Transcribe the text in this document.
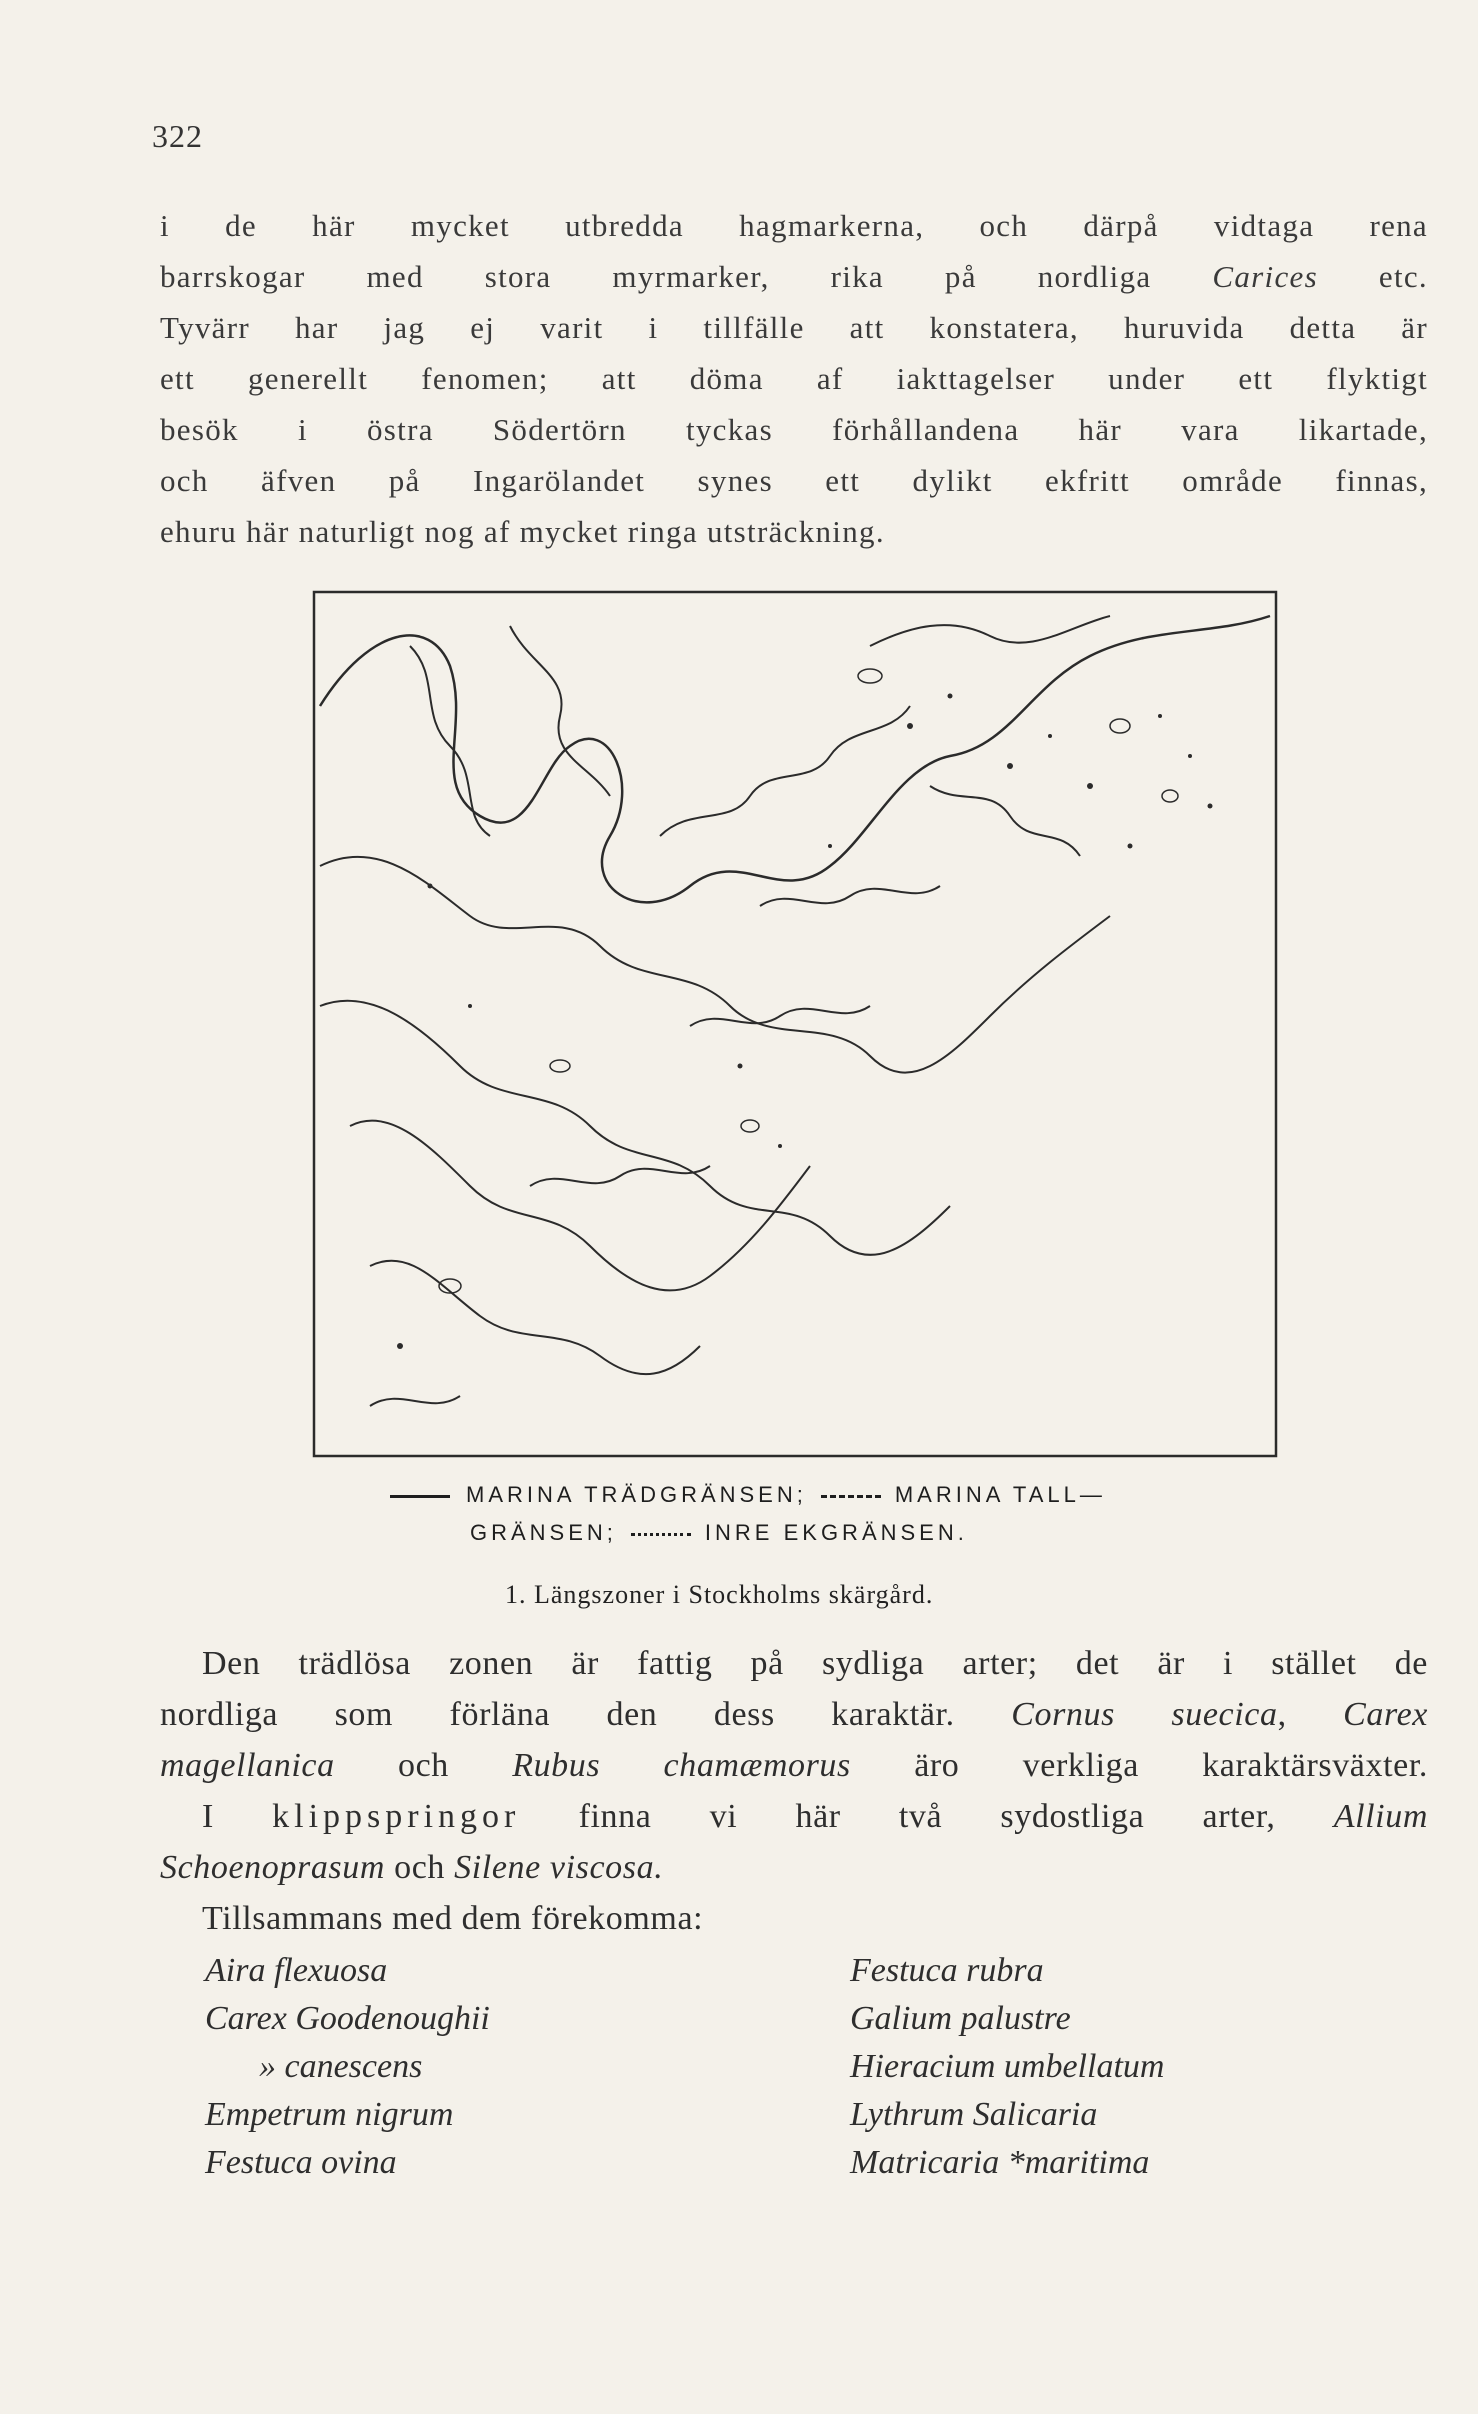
322
i de här mycket utbredda hagmarkerna, och därpå vidtaga rena
barrskogar med stora myrmarker, rika på nordliga Carices etc.
Tyvärr har jag ej varit i tillfälle att konstatera, huruvida detta är
ett generellt fenomen; att döma af iakttagelser under ett flyktigt
besök i östra Södertörn tyckas förhållandena här vara likartade,
och äfven på Ingarölandet synes ett dylikt ekfritt område finnas,
ehuru här naturligt nog af mycket ringa utsträckning.
MARINA TRÄDGRÄNSEN;	MARINA TALL—
GRÄNSEN;	INRE EKGRÄNSEN.
1. Längszoner i Stockholms skärgård.
Den trädlösa zonen är fattig på sydliga arter; det är i stället de
nordliga som förläna den dess karaktär. Cornus suecica, Carex
magellanica och Rubus chamæmorus äro verkliga karaktärsväxter.
I klippspringor finna vi här två sydostliga arter, Allium
Schoenoprasum och Silene viscosa.
Tillsammans med dem förekomma:
Aira flexuosa
Carex Goodenoughii
» canescens
Empetrum nigrum
Festuca ovina
Festuca rubra
Galium palustre
Hieracium umbellatum
Lythrum Salicaria
Matricaria *maritima
